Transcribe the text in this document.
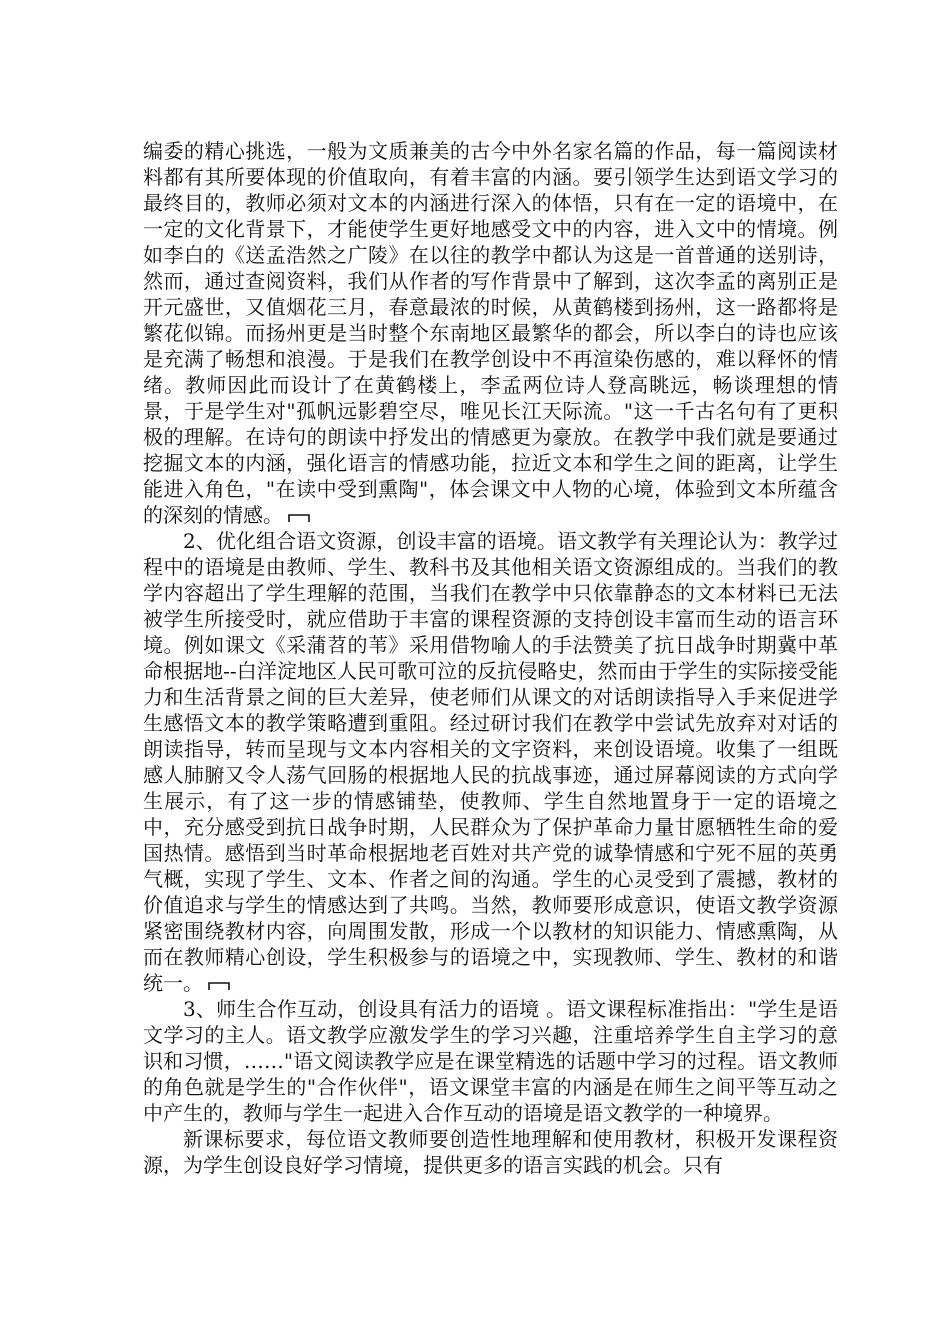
编委的精心挑选，一般为文质兼美的古今中外名家名篇的作品，每一篇阅读材料都有其所要体现的价值取向，有着丰富的内涵。要引领学生达到语文学习的最终目的，教师必须对文本的内涵进行深入的体悟，只有在一定的语境中，在一定的文化背景下，才能使学生更好地感受文中的内容，进入文中的情境。例如李白的《送孟浩然之广陵》在以往的教学中都认为这是一首普通的送别诗，然而，通过查阅资料，我们从作者的写作背景中了解到，这次李孟的离别正是开元盛世，又值烟花三月，春意最浓的时候，从黄鹤楼到扬州，这一路都将是繁花似锦。而扬州更是当时整个东南地区最繁华的都会，所以李白的诗也应该是充满了畅想和浪漫。于是我们在教学创设中不再渲染伤感的，难以释怀的情绪。教师因此而设计了在黄鹤楼上，李孟两位诗人登高眺远，畅谈理想的情景，于是学生对"孤帆远影碧空尽，唯见长江天际流。"这一千古名句有了更积极的理解。在诗句的朗读中抒发出的情感更为豪放。在教学中我们就是要通过挖掘文本的内涵，强化语言的情感功能，拉近文本和学生之间的距离，让学生能进入角色，"在读中受到熏陶"，体会课文中人物的心境，体验到文本所蕴含的深刻的情感。

2、优化组合语文资源，创设丰富的语境。语文教学有关理论认为：教学过程中的语境是由教师、学生、教科书及其他相关语文资源组成的。当我们的教学内容超出了学生理解的范围，当我们在教学中只依靠静态的文本材料已无法被学生所接受时，就应借助于丰富的课程资源的支持创设丰富而生动的语言环境。例如课文《采蒲苕的苇》采用借物喻人的手法赞美了抗日战争时期冀中革命根据地--白洋淀地区人民可歌可泣的反抗侵略史，然而由于学生的实际接受能力和生活背景之间的巨大差异，使老师们从课文的对话朗读指导入手来促进学生感悟文本的教学策略遭到重阻。经过研讨我们在教学中尝试先放弃对对话的朗读指导，转而呈现与文本内容相关的文字资料，来创设语境。收集了一组既感人肺腑又令人荡气回肠的根据地人民的抗战事迹，通过屏幕阅读的方式向学生展示，有了这一步的情感铺垫，使教师、学生自然地置身于一定的语境之中，充分感受到抗日战争时期，人民群众为了保护革命力量甘愿牺牲生命的爱国热情。感悟到当时革命根据地老百姓对共产党的诚挚情感和宁死不屈的英勇气概，实现了学生、文本、作者之间的沟通。学生的心灵受到了震撼，教材的价值追求与学生的情感达到了共鸣。当然，教师要形成意识，使语文教学资源紧密围绕教材内容，向周围发散，形成一个以教材的知识能力、情感熏陶，从而在教师精心创设，学生积极参与的语境之中，实现教师、学生、教材的和谐统一。

3、师生合作互动，创设具有活力的语境 。语文课程标准指出："学生是语文学习的主人。语文教学应激发学生的学习兴趣，注重培养学生自主学习的意识和习惯，……"语文阅读教学应是在课堂精选的话题中学习的过程。语文教师的角色就是学生的"合作伙伴"，语文课堂丰富的内涵是在师生之间平等互动之中产生的，教师与学生一起进入合作互动的语境是语文教学的一种境界。

新课标要求，每位语文教师要创造性地理解和使用教材，积极开发课程资源，为学生创设良好学习情境，提供更多的语言实践的机会。只有
